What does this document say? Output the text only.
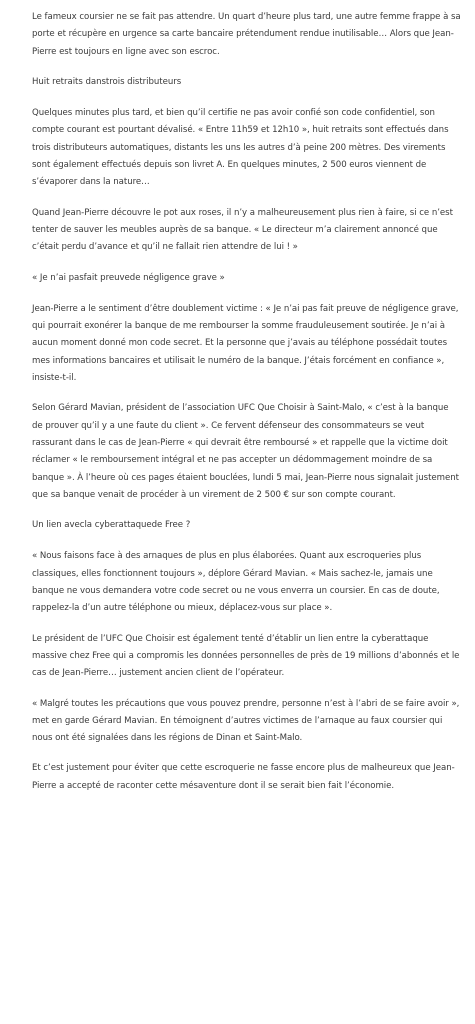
Le fameux coursier ne se fait pas attendre. Un quart d’heure plus tard, une autre femme frappe à sa porte et récupère en urgence sa carte bancaire prétendument rendue inutilisable… Alors que Jean-Pierre est toujours en ligne avec son escroc.

Huit retraits danstrois distributeurs

Quelques minutes plus tard, et bien qu’il certifie ne pas avoir confié son code confidentiel, son compte courant est pourtant dévalisé. « Entre 11h59 et 12h10 », huit retraits sont effectués dans trois distributeurs automatiques, distants les uns les autres d’à peine 200 mètres. Des virements sont également effectués depuis son livret A. En quelques minutes, 2 500 euros viennent de s’évaporer dans la nature…

Quand Jean-Pierre découvre le pot aux roses, il n’y a malheureusement plus rien à faire, si ce n’est tenter de sauver les meubles auprès de sa banque. « Le directeur m’a clairement annoncé que c’était perdu d’avance et qu’il ne fallait rien attendre de lui ! »

« Je n’ai pasfait preuvede négligence grave »

Jean-Pierre a le sentiment d’être doublement victime : « Je n’ai pas fait preuve de négligence grave, qui pourrait exonérer la banque de me rembourser la somme frauduleusement soutirée. Je n’ai à aucun moment donné mon code secret. Et la personne que j’avais au téléphone possédait toutes mes informations bancaires et utilisait le numéro de la banque. J’étais forcément en confiance », insiste-t-il.

Selon Gérard Mavian, président de l’association UFC Que Choisir à Saint-Malo, « c’est à la banque de prouver qu’il y a une faute du client ». Ce fervent défenseur des consommateurs se veut rassurant dans le cas de Jean-Pierre « qui devrait être remboursé » et rappelle que la victime doit réclamer « le remboursement intégral et ne pas accepter un dédommagement moindre de sa banque ». À l’heure où ces pages étaient bouclées, lundi 5 mai, Jean-Pierre nous signalait justement que sa banque venait de procéder à un virement de 2 500 € sur son compte courant.

Un lien avecla cyberattaquede Free ?

« Nous faisons face à des arnaques de plus en plus élaborées. Quant aux escroqueries plus classiques, elles fonctionnent toujours », déplore Gérard Mavian. « Mais sachez-le, jamais une banque ne vous demandera votre code secret ou ne vous enverra un coursier. En cas de doute, rappelez-la d’un autre téléphone ou mieux, déplacez-vous sur place ».

Le président de l’UFC Que Choisir est également tenté d’établir un lien entre la cyberattaque massive chez Free qui a compromis les données personnelles de près de 19 millions d’abonnés et le cas de Jean-Pierre… justement ancien client de l’opérateur.

« Malgré toutes les précautions que vous pouvez prendre, personne n’est à l’abri de se faire avoir », met en garde Gérard Mavian. En témoignent d’autres victimes de l’arnaque au faux coursier qui nous ont été signalées dans les régions de Dinan et Saint-Malo.

Et c’est justement pour éviter que cette escroquerie ne fasse encore plus de malheureux que Jean-Pierre a accepté de raconter cette mésaventure dont il se serait bien fait l’économie.
